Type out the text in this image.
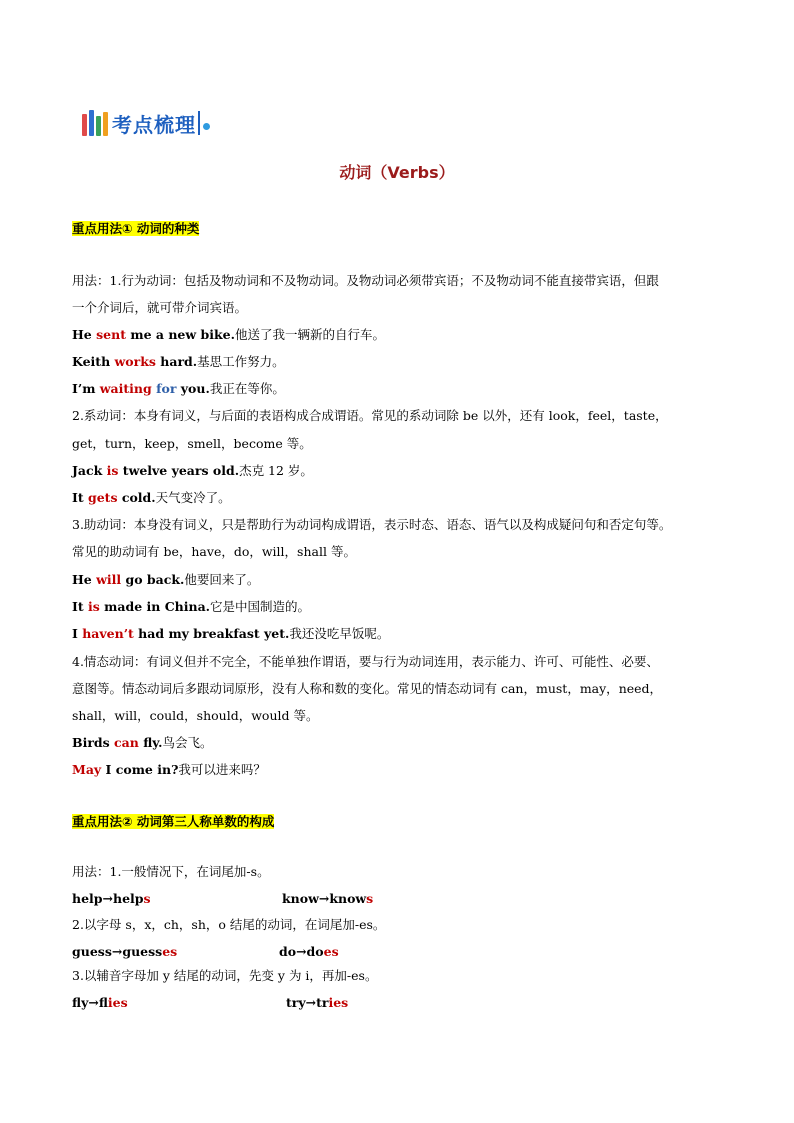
考点梳理
动词（Verbs）
重点用法① 动词的种类
用法：1.行为动词：包括及物动词和不及物动词。及物动词必须带宾语；不及物动词不能直接带宾语，但跟
一个介词后，就可带介词宾语。
He sent me a new bike.他送了我一辆新的自行车。
Keith works hard.基思工作努力。
I’m waiting for you.我正在等你。
2.系动词：本身有词义，与后面的表语构成合成谓语。常见的系动词除 be 以外，还有 look，feel，taste，
get，turn，keep，smell，become 等。
Jack is twelve years old.杰克 12 岁。
It gets cold.天气变冷了。
3.助动词：本身没有词义，只是帮助行为动词构成谓语，表示时态、语态、语气以及构成疑问句和否定句等。
常见的助动词有 be，have，do，will，shall 等。
He will go back.他要回来了。
It is made in China.它是中国制造的。
I haven’t had my breakfast yet.我还没吃早饭呢。
4.情态动词：有词义但并不完全，不能单独作谓语，要与行为动词连用，表示能力、许可、可能性、必要、
意图等。情态动词后多跟动词原形，没有人称和数的变化。常见的情态动词有 can，must，may，need，
shall，will，could，should，would 等。
Birds can fly.鸟会飞。
May I come in?我可以进来吗？
重点用法② 动词第三人称单数的构成
用法：1.一般情况下，在词尾加-s。
help→helps	know→knows
2.以字母 s，x，ch，sh，o 结尾的动词，在词尾加-es。
guess→guesses	do→does
3.以辅音字母加 y 结尾的动词，先变 y 为 i，再加-es。
fly→flies	try→tries
